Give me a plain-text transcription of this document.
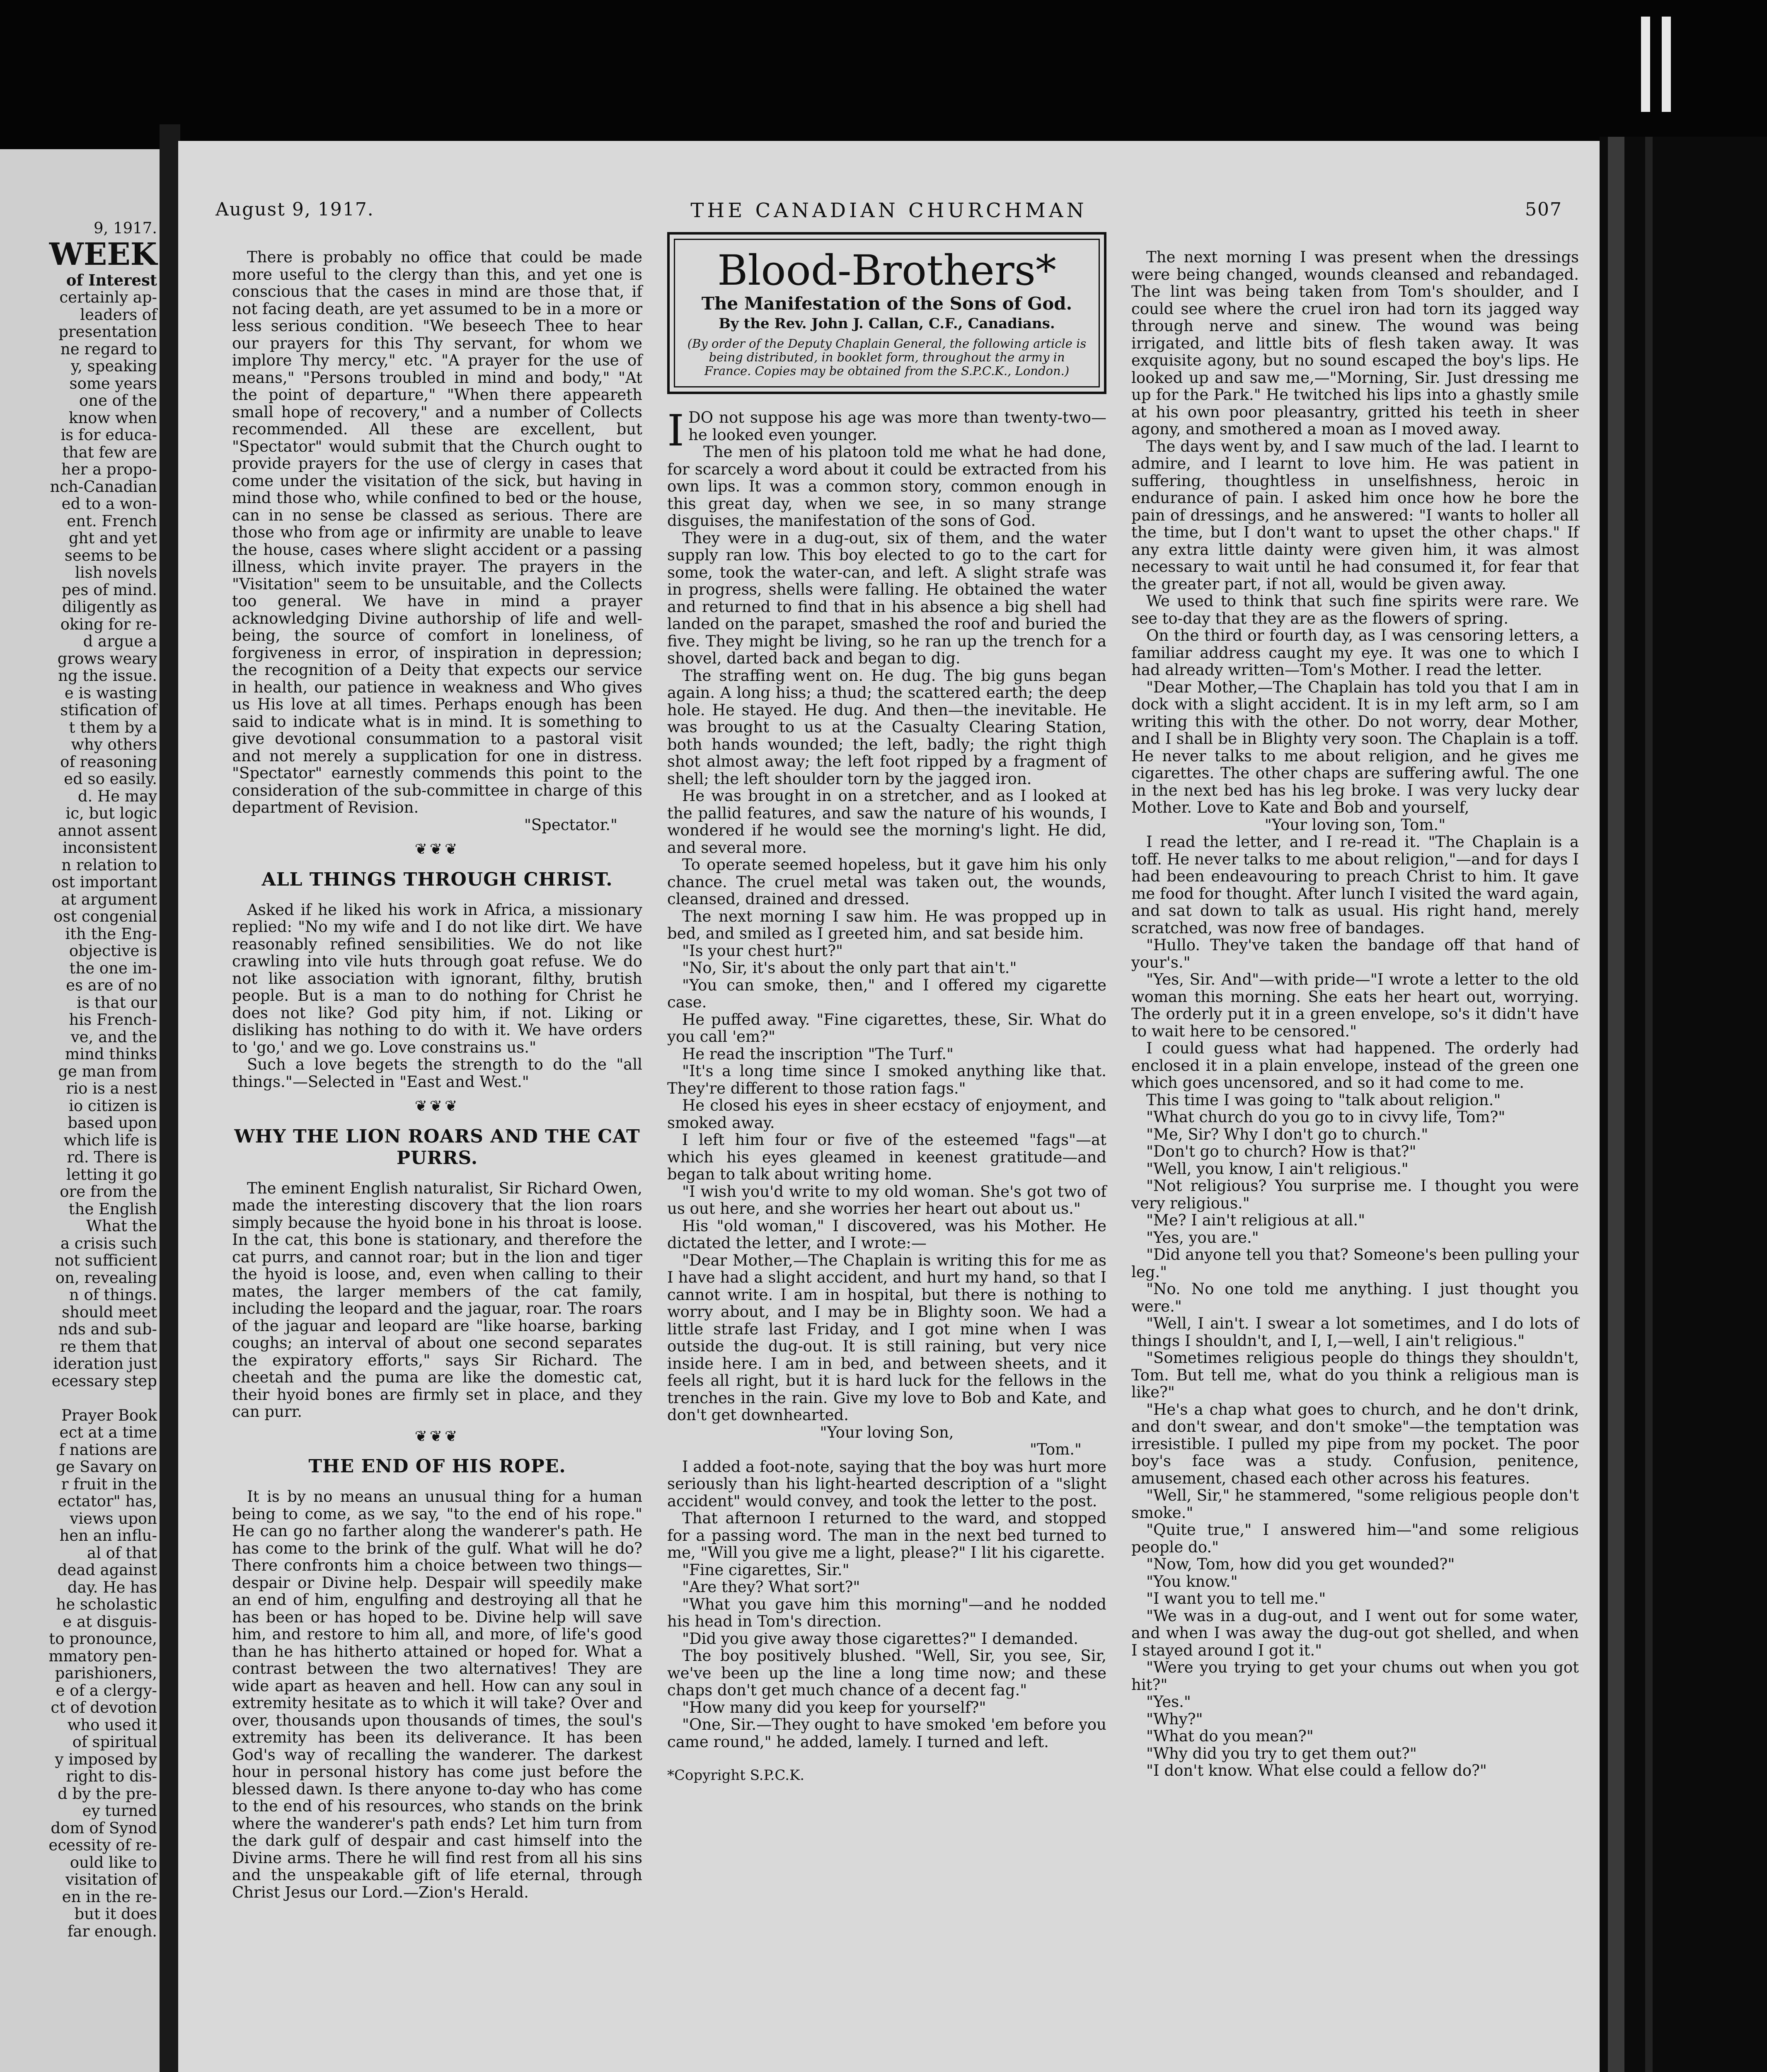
9, 1917.
WEEK
of Interest
certainly ap-
leaders of
presentation
ne regard to
y, speaking
some years
one of the
know when
is for educa-
that few are
her a propo-
nch-Canadian
ed to a won-
ent. French
ght and yet
seems to be
lish novels
pes of mind.
diligently as
oking for re-
d argue a
grows weary
ng the issue.
e is wasting
stification of
t them by a
why others
of reasoning
ed so easily.
d. He may
ic, but logic
annot assent
inconsistent
n relation to
ost important
at argument
ost congenial
ith the Eng-
objective is
the one im-
es are of no
is that our
his French-
ve, and the
mind thinks
ge man from
rio is a nest
io citizen is
based upon
which life is
rd. There is
letting it go
ore from the
the English
What the
a crisis such
not sufficient
on, revealing
n of things.
should meet
nds and sub-
re them that
ideration just
ecessary step
Prayer Book
ect at a time
f nations are
ge Savary on
r fruit in the
ectator" has,
views upon
hen an influ-
al of that
dead against
day. He has
he scholastic
e at disguis-
to pronounce,
mmatory pen-
parishioners,
e of a clergy-
ct of devotion
who used it
of spiritual
y imposed by
right to dis-
d by the pre-
ey turned
dom of Synod
ecessity of re-
ould like to
visitation of
en in the re-
but it does
far enough.
August 9, 1917.	THE CANADIAN CHURCHMAN	507

There is probably no office that could be made more useful to the clergy than this, and yet one is conscious that the cases in mind are those that, if not facing death, are yet assumed to be in a more or less serious condition. "We beseech Thee to hear our prayers for this Thy servant, for whom we implore Thy mercy," etc. "A prayer for the use of means," "Persons troubled in mind and body," "At the point of departure," "When there appeareth small hope of recovery," and a number of Collects recommended. All these are excellent, but "Spectator" would submit that the Church ought to provide prayers for the use of clergy in cases that come under the visitation of the sick, but having in mind those who, while confined to bed or the house, can in no sense be classed as serious. There are those who from age or infirmity are unable to leave the house, cases where slight accident or a passing illness, which invite prayer. The prayers in the "Visitation" seem to be unsuitable, and the Collects too general. We have in mind a prayer acknowledging Divine authorship of life and well-being, the source of comfort in loneliness, of forgiveness in error, of inspiration in depression; the recognition of a Deity that expects our service in health, our patience in weakness and Who gives us His love at all times. Perhaps enough has been said to indicate what is in mind. It is something to give devotional consummation to a pastoral visit and not merely a supplication for one in distress. "Spectator" earnestly commends this point to the consideration of the sub-committee in charge of this department of Revision.

"Spectator."

❦❦❦
ALL THINGS THROUGH CHRIST.

Asked if he liked his work in Africa, a missionary replied: "No my wife and I do not like dirt. We have reasonably refined sensibilities. We do not like crawling into vile huts through goat refuse. We do not like association with ignorant, filthy, brutish people. But is a man to do nothing for Christ he does not like? God pity him, if not. Liking or disliking has nothing to do with it. We have orders to 'go,' and we go. Love constrains us."

Such a love begets the strength to do the "all things."—Selected in "East and West."

❦❦❦
WHY THE LION ROARS AND THE CAT PURRS.

The eminent English naturalist, Sir Richard Owen, made the interesting discovery that the lion roars simply because the hyoid bone in his throat is loose. In the cat, this bone is stationary, and therefore the cat purrs, and cannot roar; but in the lion and tiger the hyoid is loose, and, even when calling to their mates, the larger members of the cat family, including the leopard and the jaguar, roar. The roars of the jaguar and leopard are "like hoarse, barking coughs; an interval of about one second separates the expiratory efforts," says Sir Richard. The cheetah and the puma are like the domestic cat, their hyoid bones are firmly set in place, and they can purr.

❦❦❦
THE END OF HIS ROPE.

It is by no means an unusual thing for a human being to come, as we say, "to the end of his rope." He can go no farther along the wanderer's path. He has come to the brink of the gulf. What will he do? There confronts him a choice between two things—despair or Divine help. Despair will speedily make an end of him, engulfing and destroying all that he has been or has hoped to be. Divine help will save him, and restore to him all, and more, of life's good than he has hitherto attained or hoped for. What a contrast between the two alternatives! They are wide apart as heaven and hell. How can any soul in extremity hesitate as to which it will take? Over and over, thousands upon thousands of times, the soul's extremity has been its deliverance. It has been God's way of recalling the wanderer. The darkest hour in personal history has come just before the blessed dawn. Is there anyone to-day who has come to the end of his resources, who stands on the brink where the wanderer's path ends? Let him turn from the dark gulf of despair and cast himself into the Divine arms. There he will find rest from all his sins and the unspeakable gift of life eternal, through Christ Jesus our Lord.—Zion's Herald.

Blood-Brothers*
The Manifestation of the Sons of God.
By the Rev. John J. Callan, C.F., Canadians.
(By order of the Deputy Chaplain General, the following article is being distributed, in booklet form, throughout the army in France. Copies may be obtained from the S.P.C.K., London.)

I DO not suppose his age was more than twenty-two—he looked even younger.

The men of his platoon told me what he had done, for scarcely a word about it could be extracted from his own lips. It was a common story, common enough in this great day, when we see, in so many strange disguises, the manifestation of the sons of God.

They were in a dug-out, six of them, and the water supply ran low. This boy elected to go to the cart for some, took the water-can, and left. A slight strafe was in progress, shells were falling. He obtained the water and returned to find that in his absence a big shell had landed on the parapet, smashed the roof and buried the five. They might be living, so he ran up the trench for a shovel, darted back and began to dig.

The straffing went on. He dug. The big guns began again. A long hiss; a thud; the scattered earth; the deep hole. He stayed. He dug. And then—the inevitable. He was brought to us at the Casualty Clearing Station, both hands wounded; the left, badly; the right thigh shot almost away; the left foot ripped by a fragment of shell; the left shoulder torn by the jagged iron.

He was brought in on a stretcher, and as I looked at the pallid features, and saw the nature of his wounds, I wondered if he would see the morning's light. He did, and several more.

To operate seemed hopeless, but it gave him his only chance. The cruel metal was taken out, the wounds, cleansed, drained and dressed.

The next morning I saw him. He was propped up in bed, and smiled as I greeted him, and sat beside him.

"Is your chest hurt?"

"No, Sir, it's about the only part that ain't."

"You can smoke, then," and I offered my cigarette case.

He puffed away. "Fine cigarettes, these, Sir. What do you call 'em?"

He read the inscription "The Turf."

"It's a long time since I smoked anything like that. They're different to those ration fags."

He closed his eyes in sheer ecstacy of enjoyment, and smoked away.

I left him four or five of the esteemed "fags"—at which his eyes gleamed in keenest gratitude—and began to talk about writing home.

"I wish you'd write to my old woman. She's got two of us out here, and she worries her heart out about us."

His "old woman," I discovered, was his Mother. He dictated the letter, and I wrote:—

"Dear Mother,—The Chaplain is writing this for me as I have had a slight accident, and hurt my hand, so that I cannot write. I am in hospital, but there is nothing to worry about, and I may be in Blighty soon. We had a little strafe last Friday, and I got mine when I was outside the dug-out. It is still raining, but very nice inside here. I am in bed, and between sheets, and it feels all right, but it is hard luck for the fellows in the trenches in the rain. Give my love to Bob and Kate, and don't get downhearted.

"Your loving Son,

"Tom."

I added a foot-note, saying that the boy was hurt more seriously than his light-hearted description of a "slight accident" would convey, and took the letter to the post.

That afternoon I returned to the ward, and stopped for a passing word. The man in the next bed turned to me, "Will you give me a light, please?" I lit his cigarette.

"Fine cigarettes, Sir."

"Are they? What sort?"

"What you gave him this morning"—and he nodded his head in Tom's direction.

"Did you give away those cigarettes?" I demanded.

The boy positively blushed. "Well, Sir, you see, Sir, we've been up the line a long time now; and these chaps don't get much chance of a decent fag."

"How many did you keep for yourself?"

"One, Sir.—They ought to have smoked 'em before you came round," he added, lamely. I turned and left.

*Copyright S.P.C.K.

The next morning I was present when the dressings were being changed, wounds cleansed and rebandaged. The lint was being taken from Tom's shoulder, and I could see where the cruel iron had torn its jagged way through nerve and sinew. The wound was being irrigated, and little bits of flesh taken away. It was exquisite agony, but no sound escaped the boy's lips. He looked up and saw me,—"Morning, Sir. Just dressing me up for the Park." He twitched his lips into a ghastly smile at his own poor pleasantry, gritted his teeth in sheer agony, and smothered a moan as I moved away.

The days went by, and I saw much of the lad. I learnt to admire, and I learnt to love him. He was patient in suffering, thoughtless in unselfishness, heroic in endurance of pain. I asked him once how he bore the pain of dressings, and he answered: "I wants to holler all the time, but I don't want to upset the other chaps." If any extra little dainty were given him, it was almost necessary to wait until he had consumed it, for fear that the greater part, if not all, would be given away.

We used to think that such fine spirits were rare. We see to-day that they are as the flowers of spring.

On the third or fourth day, as I was censoring letters, a familiar address caught my eye. It was one to which I had already written—Tom's Mother. I read the letter.

"Dear Mother,—The Chaplain has told you that I am in dock with a slight accident. It is in my left arm, so I am writing this with the other. Do not worry, dear Mother, and I shall be in Blighty very soon. The Chaplain is a toff. He never talks to me about religion, and he gives me cigarettes. The other chaps are suffering awful. The one in the next bed has his leg broke. I was very lucky dear Mother. Love to Kate and Bob and yourself,

"Your loving son, Tom."

I read the letter, and I re-read it. "The Chaplain is a toff. He never talks to me about religion,"—and for days I had been endeavouring to preach Christ to him. It gave me food for thought. After lunch I visited the ward again, and sat down to talk as usual. His right hand, merely scratched, was now free of bandages.

"Hullo. They've taken the bandage off that hand of your's."

"Yes, Sir. And"—with pride—"I wrote a letter to the old woman this morning. She eats her heart out, worrying. The orderly put it in a green envelope, so's it didn't have to wait here to be censored."

I could guess what had happened. The orderly had enclosed it in a plain envelope, instead of the green one which goes uncensored, and so it had come to me.

This time I was going to "talk about religion."

"What church do you go to in civvy life, Tom?"

"Me, Sir? Why I don't go to church."

"Don't go to church? How is that?"

"Well, you know, I ain't religious."

"Not religious? You surprise me. I thought you were very religious."

"Me? I ain't religious at all."

"Yes, you are."

"Did anyone tell you that? Someone's been pulling your leg."

"No. No one told me anything. I just thought you were."

"Well, I ain't. I swear a lot sometimes, and I do lots of things I shouldn't, and I, I,—well, I ain't religious."

"Sometimes religious people do things they shouldn't, Tom. But tell me, what do you think a religious man is like?"

"He's a chap what goes to church, and he don't drink, and don't swear, and don't smoke"—the temptation was irresistible. I pulled my pipe from my pocket. The poor boy's face was a study. Confusion, penitence, amusement, chased each other across his features.

"Well, Sir," he stammered, "some religious people don't smoke."

"Quite true," I answered him—"and some religious people do."

"Now, Tom, how did you get wounded?"

"You know."

"I want you to tell me."

"We was in a dug-out, and I went out for some water, and when I was away the dug-out got shelled, and when I stayed around I got it."

"Were you trying to get your chums out when you got hit?"

"Yes."

"Why?"

"What do you mean?"

"Why did you try to get them out?"

"I don't know. What else could a fellow do?"
